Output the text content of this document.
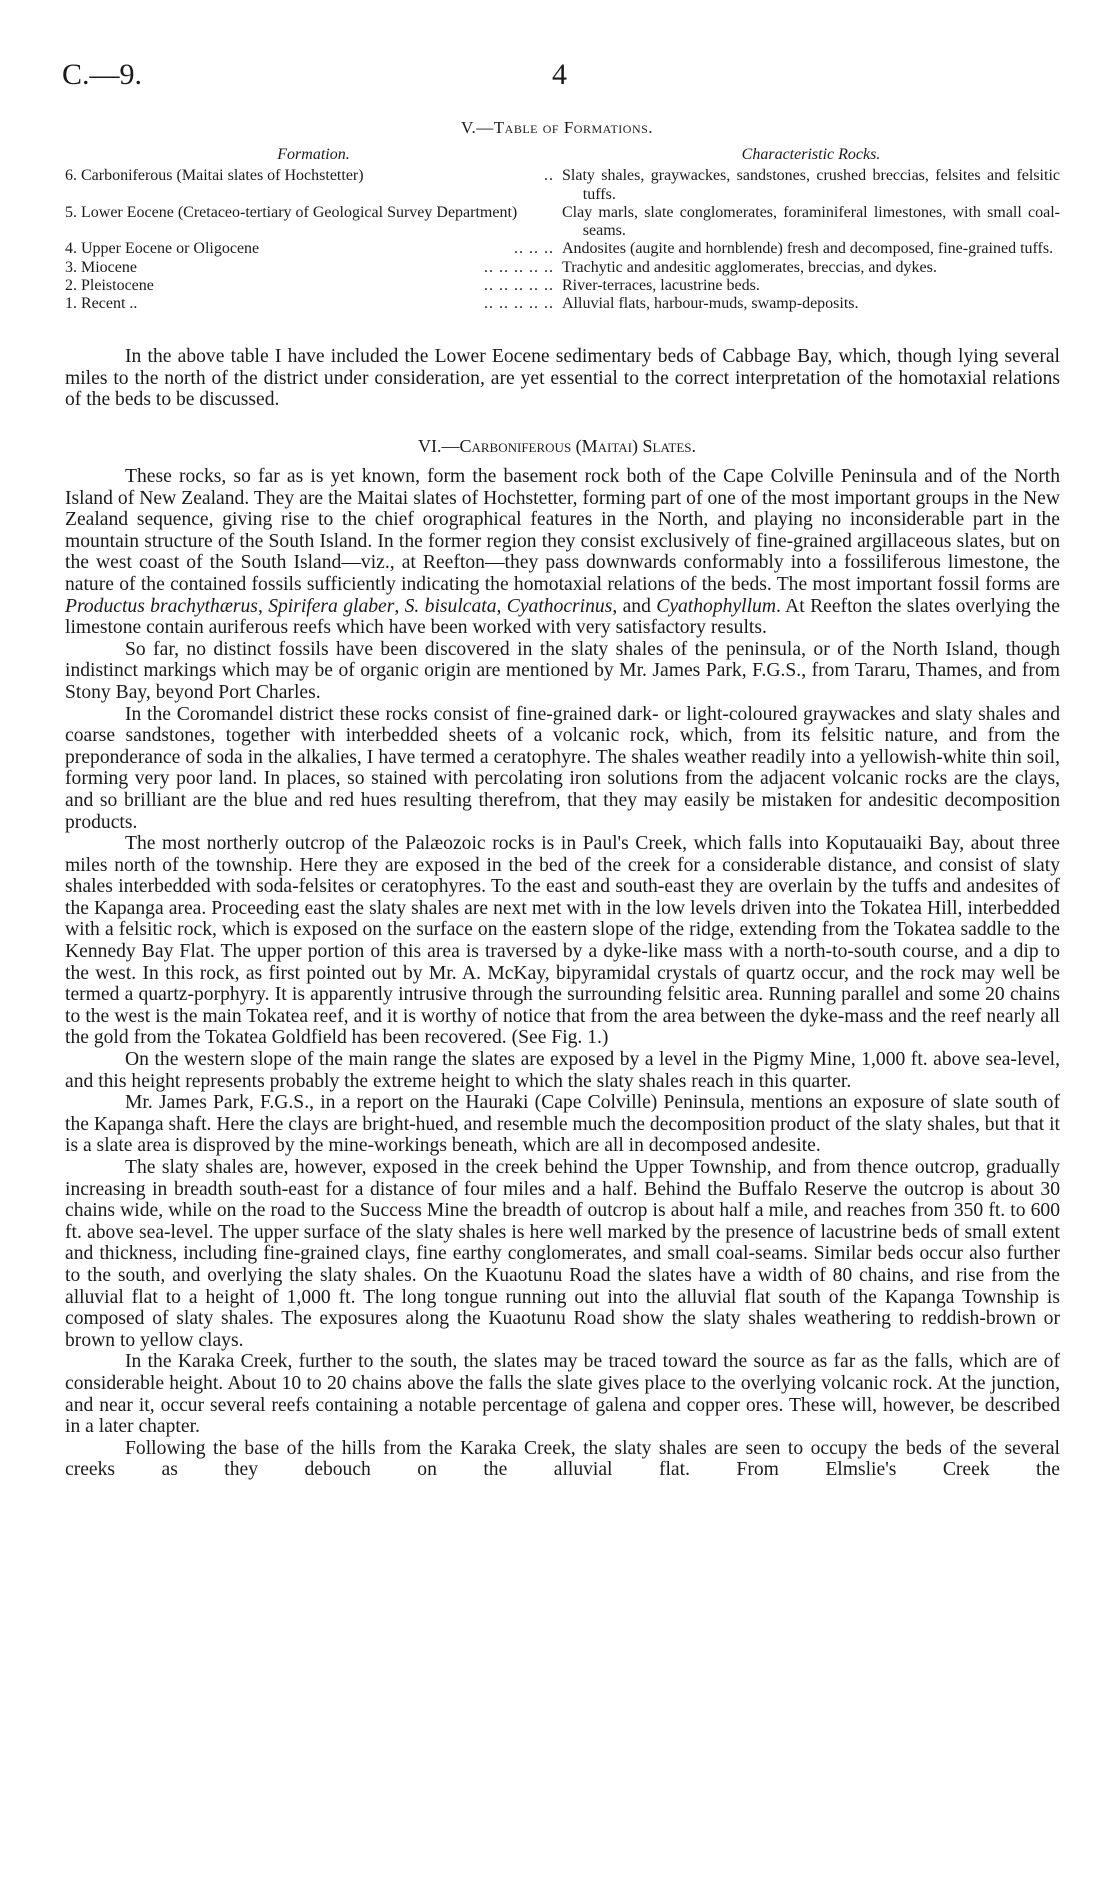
C.—9.	4
V.—Table of Formations.
Formation.	Characteristic Rocks.
6. Carboniferous (Maitai slates of Hochstetter)	.. Slaty shales, graywackes, sandstones, crushed breccias, felsites and felsitic tuffs.
5. Lower Eocene (Cretaceo-tertiary of Geological Survey Department)	Clay marls, slate conglomerates, foraminiferal limestones, with small coal-seams.
4. Upper Eocene or Oligocene	.. .. .. Andosites (augite and hornblende) fresh and decomposed, fine-grained tuffs.
3. Miocene	.. .. .. .. .. Trachytic and andesitic agglomerates, breccias, and dykes.
2. Pleistocene	.. .. .. .. .. River-terraces, lacustrine beds.
1. Recent ..	.. .. .. .. .. Alluvial flats, harbour-muds, swamp-deposits.

In the above table I have included the Lower Eocene sedimentary beds of Cabbage Bay, which, though lying several miles to the north of the district under consideration, are yet essential to the correct interpretation of the homotaxial relations of the beds to be discussed.

VI.—Carboniferous (Maitai) Slates.

These rocks, so far as is yet known, form the basement rock both of the Cape Colville Peninsula and of the North Island of New Zealand. They are the Maitai slates of Hochstetter, forming part of one of the most important groups in the New Zealand sequence, giving rise to the chief orographical features in the North, and playing no inconsiderable part in the mountain structure of the South Island. In the former region they consist exclusively of fine-grained argillaceous slates, but on the west coast of the South Island—viz., at Reefton—they pass downwards conformably into a fossiliferous limestone, the nature of the contained fossils sufficiently indicating the homotaxial relations of the beds. The most important fossil forms are Productus brachythærus, Spirifera glaber, S. bisulcata, Cyathocrinus, and Cyathophyllum. At Reefton the slates overlying the limestone contain auriferous reefs which have been worked with very satisfactory results.

So far, no distinct fossils have been discovered in the slaty shales of the peninsula, or of the North Island, though indistinct markings which may be of organic origin are mentioned by Mr. James Park, F.G.S., from Tararu, Thames, and from Stony Bay, beyond Port Charles.

In the Coromandel district these rocks consist of fine-grained dark- or light-coloured graywackes and slaty shales and coarse sandstones, together with interbedded sheets of a volcanic rock, which, from its felsitic nature, and from the preponderance of soda in the alkalies, I have termed a ceratophyre. The shales weather readily into a yellowish-white thin soil, forming very poor land. In places, so stained with percolating iron solutions from the adjacent volcanic rocks are the clays, and so brilliant are the blue and red hues resulting therefrom, that they may easily be mistaken for andesitic decomposition products.

The most northerly outcrop of the Palæozoic rocks is in Paul's Creek, which falls into Koputauaiki Bay, about three miles north of the township. Here they are exposed in the bed of the creek for a considerable distance, and consist of slaty shales interbedded with soda-felsites or ceratophyres. To the east and south-east they are overlain by the tuffs and andesites of the Kapanga area. Proceeding east the slaty shales are next met with in the low levels driven into the Tokatea Hill, interbedded with a felsitic rock, which is exposed on the surface on the eastern slope of the ridge, extending from the Tokatea saddle to the Kennedy Bay Flat. The upper portion of this area is traversed by a dyke-like mass with a north-to-south course, and a dip to the west. In this rock, as first pointed out by Mr. A. McKay, bipyramidal crystals of quartz occur, and the rock may well be termed a quartz-porphyry. It is apparently intrusive through the surrounding felsitic area. Running parallel and some 20 chains to the west is the main Tokatea reef, and it is worthy of notice that from the area between the dyke-mass and the reef nearly all the gold from the Tokatea Goldfield has been recovered. (See Fig. 1.)

On the western slope of the main range the slates are exposed by a level in the Pigmy Mine, 1,000 ft. above sea-level, and this height represents probably the extreme height to which the slaty shales reach in this quarter.

Mr. James Park, F.G.S., in a report on the Hauraki (Cape Colville) Peninsula, mentions an exposure of slate south of the Kapanga shaft. Here the clays are bright-hued, and resemble much the decomposition product of the slaty shales, but that it is a slate area is disproved by the mine-workings beneath, which are all in decomposed andesite.

The slaty shales are, however, exposed in the creek behind the Upper Township, and from thence outcrop, gradually increasing in breadth south-east for a distance of four miles and a half. Behind the Buffalo Reserve the outcrop is about 30 chains wide, while on the road to the Success Mine the breadth of outcrop is about half a mile, and reaches from 350 ft. to 600 ft. above sea-level. The upper surface of the slaty shales is here well marked by the presence of lacustrine beds of small extent and thickness, including fine-grained clays, fine earthy conglomerates, and small coal-seams. Similar beds occur also further to the south, and overlying the slaty shales. On the Kuaotunu Road the slates have a width of 80 chains, and rise from the alluvial flat to a height of 1,000 ft. The long tongue running out into the alluvial flat south of the Kapanga Township is composed of slaty shales. The exposures along the Kuaotunu Road show the slaty shales weathering to reddish-brown or brown to yellow clays.

In the Karaka Creek, further to the south, the slates may be traced toward the source as far as the falls, which are of considerable height. About 10 to 20 chains above the falls the slate gives place to the overlying volcanic rock. At the junction, and near it, occur several reefs containing a notable percentage of galena and copper ores. These will, however, be described in a later chapter.

Following the base of the hills from the Karaka Creek, the slaty shales are seen to occupy the beds of the several creeks as they debouch on the alluvial flat. From Elmslie's Creek the
